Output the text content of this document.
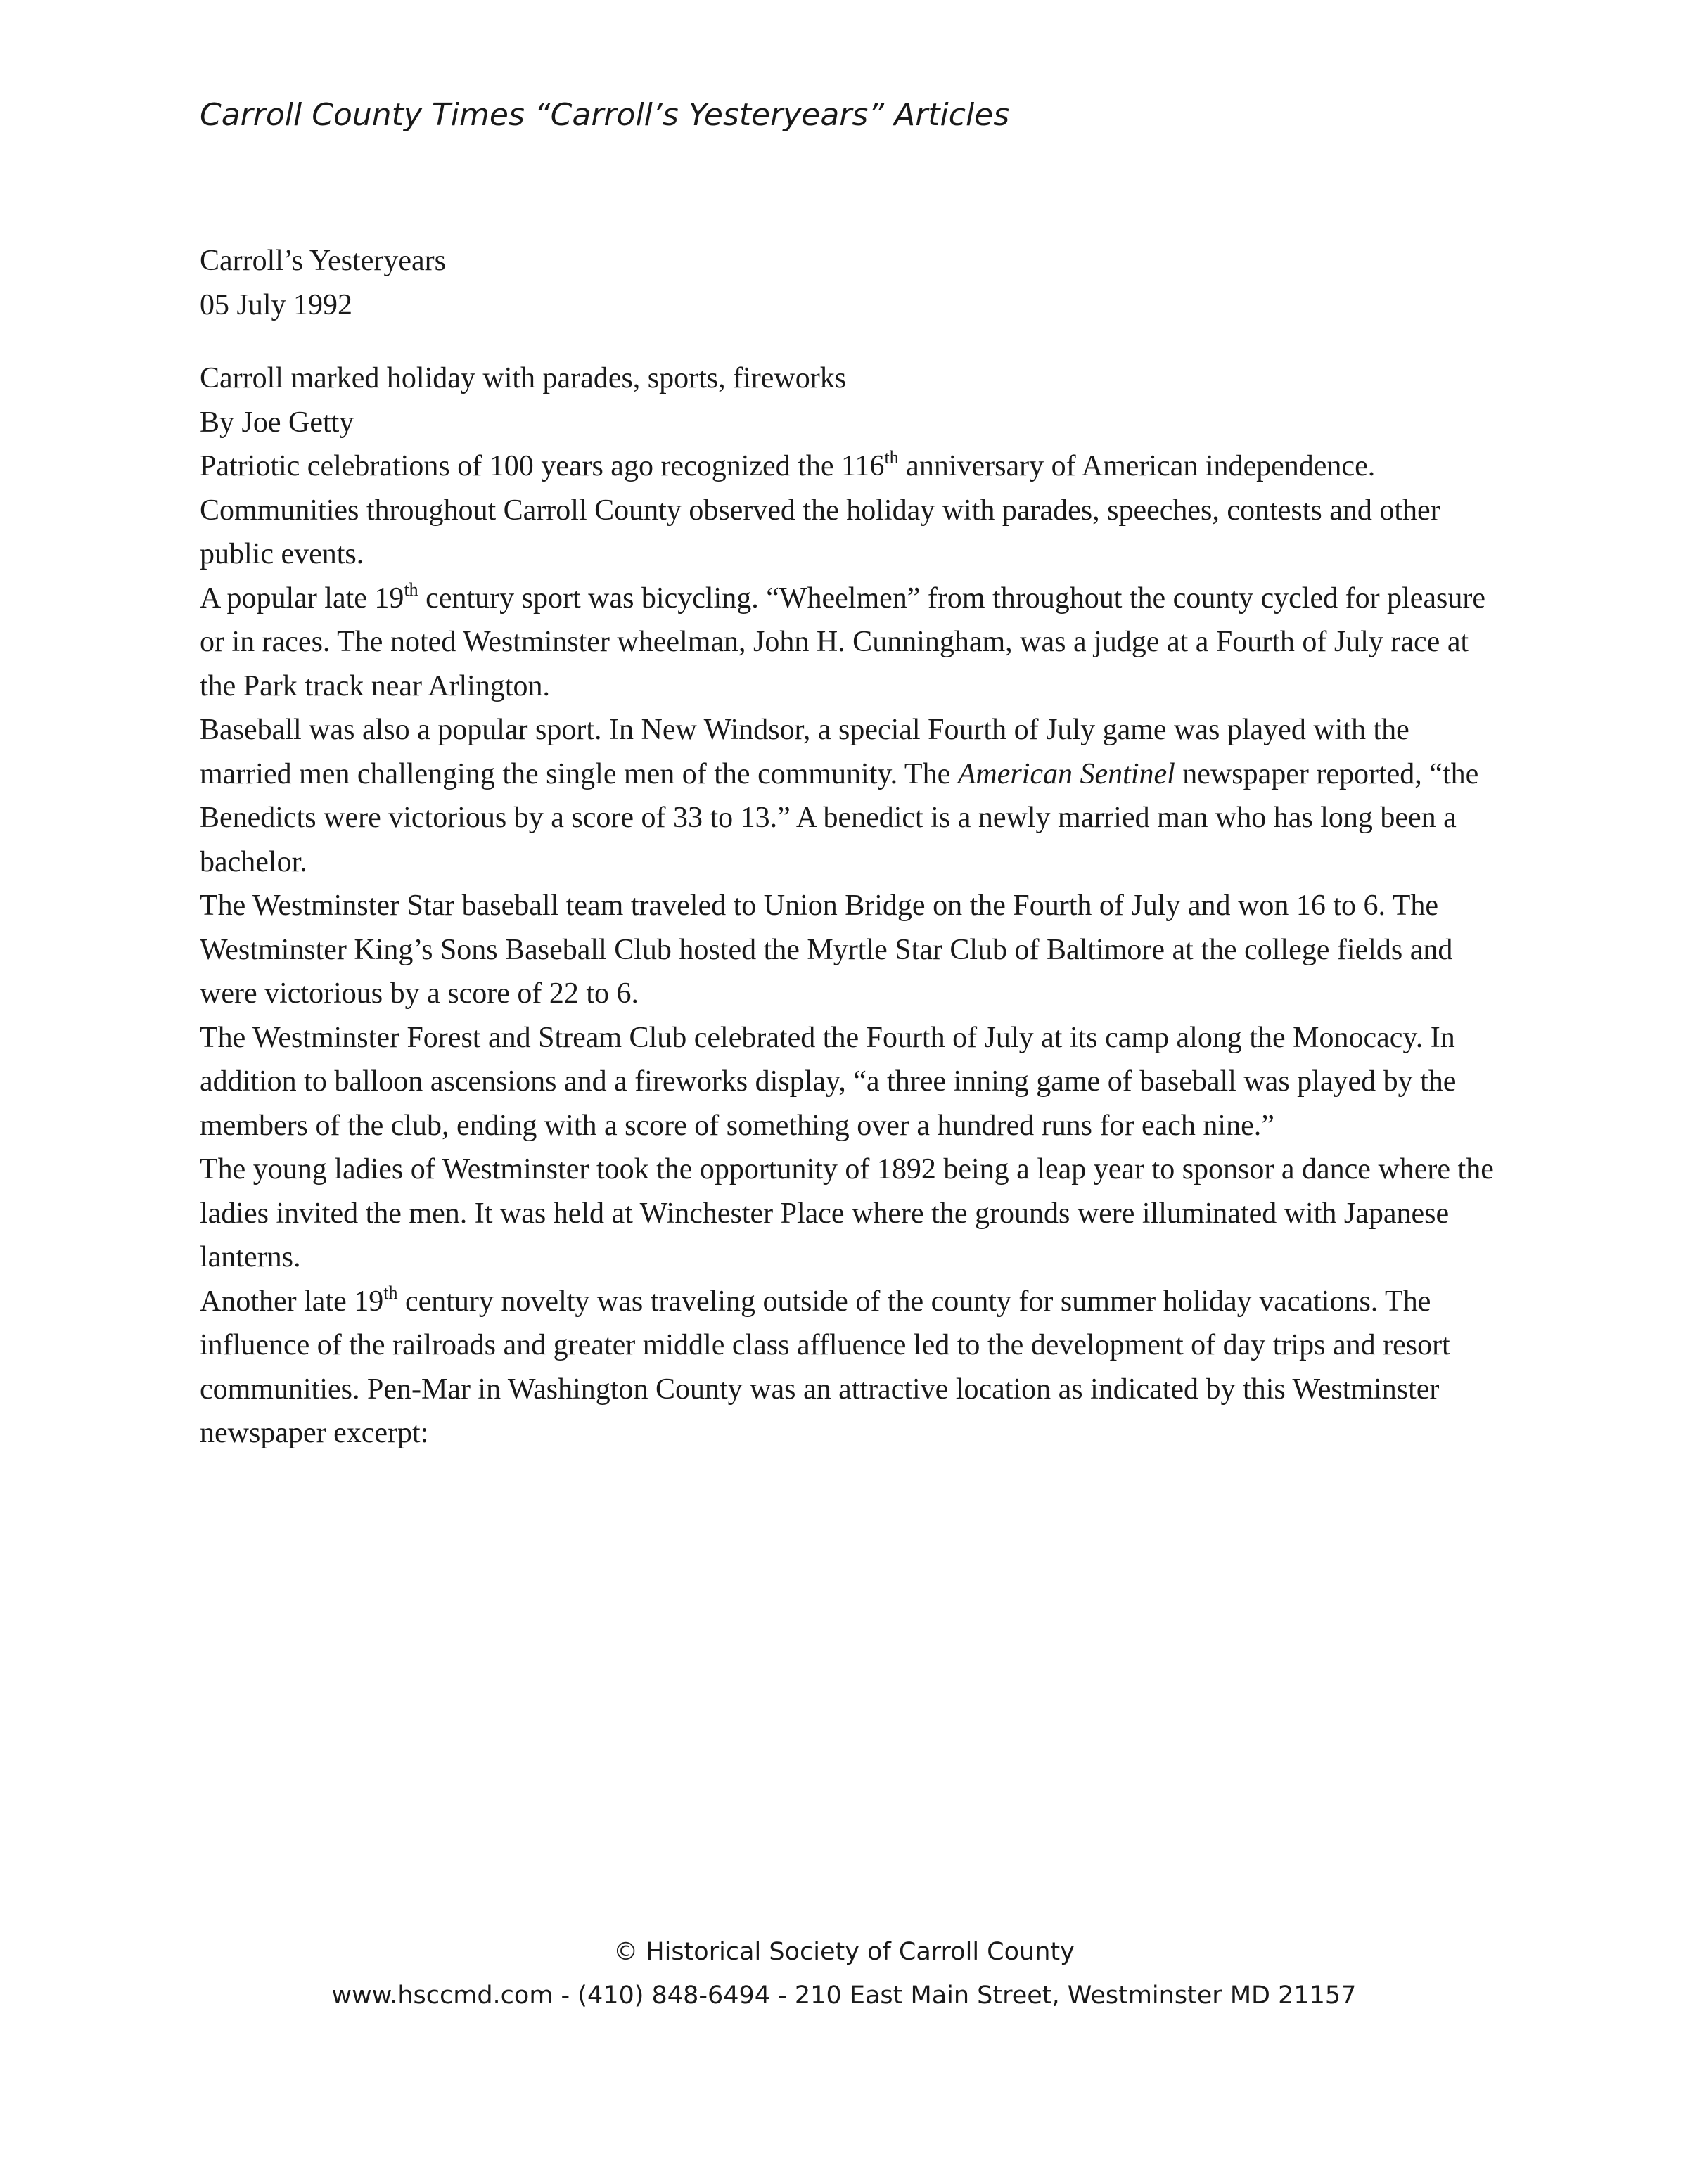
Carroll County Times “Carroll’s Yesteryears” Articles

Carroll’s Yesteryears

05 July 1992

Carroll marked holiday with parades, sports, fireworks

By Joe Getty

Patriotic celebrations of 100 years ago recognized the 116th anniversary of American independence. Communities throughout Carroll County observed the holiday with parades, speeches, contests and other public events.

A popular late 19th century sport was bicycling. “Wheelmen” from throughout the county cycled for pleasure or in races. The noted Westminster wheelman, John H. Cunningham, was a judge at a Fourth of July race at the Park track near Arlington.

Baseball was also a popular sport. In New Windsor, a special Fourth of July game was played with the married men challenging the single men of the community. The American Sentinel newspaper reported, “the Benedicts were victorious by a score of 33 to 13.” A benedict is a newly married man who has long been a bachelor.

The Westminster Star baseball team traveled to Union Bridge on the Fourth of July and won 16 to 6. The Westminster King’s Sons Baseball Club hosted the Myrtle Star Club of Baltimore at the college fields and were victorious by a score of 22 to 6.

The Westminster Forest and Stream Club celebrated the Fourth of July at its camp along the Monocacy. In addition to balloon ascensions and a fireworks display, “a three inning game of baseball was played by the members of the club, ending with a score of something over a hundred runs for each nine.”

The young ladies of Westminster took the opportunity of 1892 being a leap year to sponsor a dance where the ladies invited the men. It was held at Winchester Place where the grounds were illuminated with Japanese lanterns.

Another late 19th century novelty was traveling outside of the county for summer holiday vacations. The influence of the railroads and greater middle class affluence led to the development of day trips and resort communities. Pen-Mar in Washington County was an attractive location as indicated by this Westminster newspaper excerpt:

© Historical Society of Carroll County
www.hsccmd.com - (410) 848-6494 - 210 East Main Street, Westminster MD 21157
